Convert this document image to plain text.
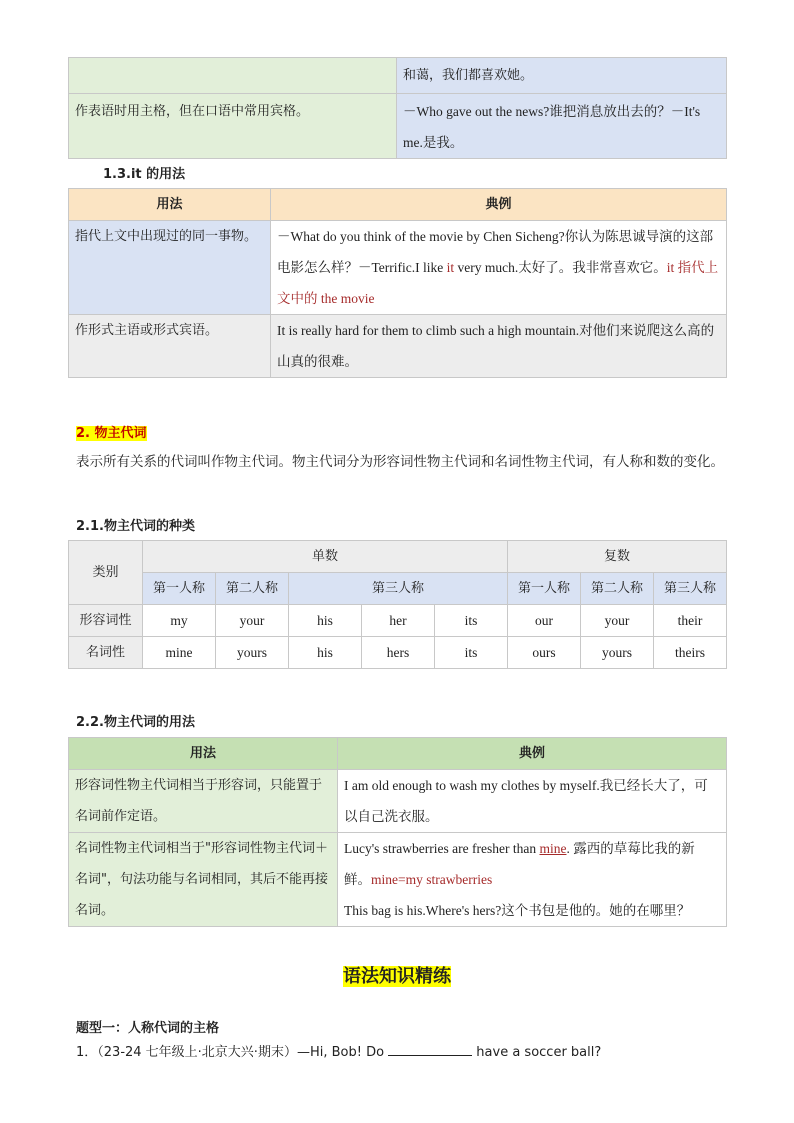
	和蔼，我们都喜欢她。
作表语时用主格，但在口语中常用宾格。	－Who gave out the news?谁把消息放出去的？－It's me.是我。
1.3.it 的用法
用法	典例
指代上文中出现过的同一事物。	－What do you think of the movie by Chen Sicheng?你认为陈思诚导演的这部电影怎么样？－Terrific.I like it very much.太好了。我非常喜欢它。it 指代上文中的 the movie
作形式主语或形式宾语。	It is really hard for them to climb such a high mountain.对他们来说爬这么高的山真的很难。
2. 物主代词
表示所有关系的代词叫作物主代词。物主代词分为形容词性物主代词和名词性物主代词，有人称和数的变化。
2.1.物主代词的种类
类别	单数					复数		
	第一人称	第二人称	第三人称			第一人称	第二人称	第三人称
形容词性	my	your	his	her	its	our	your	their
名词性	mine	yours	his	hers	its	ours	yours	theirs
2.2.物主代词的用法
用法	典例
形容词性物主代词相当于形容词，只能置于名词前作定语。	I am old enough to wash my clothes by myself.我已经长大了，可以自己洗衣服。
名词性物主代词相当于"形容词性物主代词＋名词"，句法功能与名词相同，其后不能再接名词。	Lucy's strawberries are fresher than mine. 露西的草莓比我的新鲜。mine=my strawberries
This bag is his.Where's hers?这个书包是他的。她的在哪里？
语法知识精练
题型一：人称代词的主格
1．（23-24 七年级上·北京大兴·期末）—Hi, Bob! Do	have a soccer ball?
